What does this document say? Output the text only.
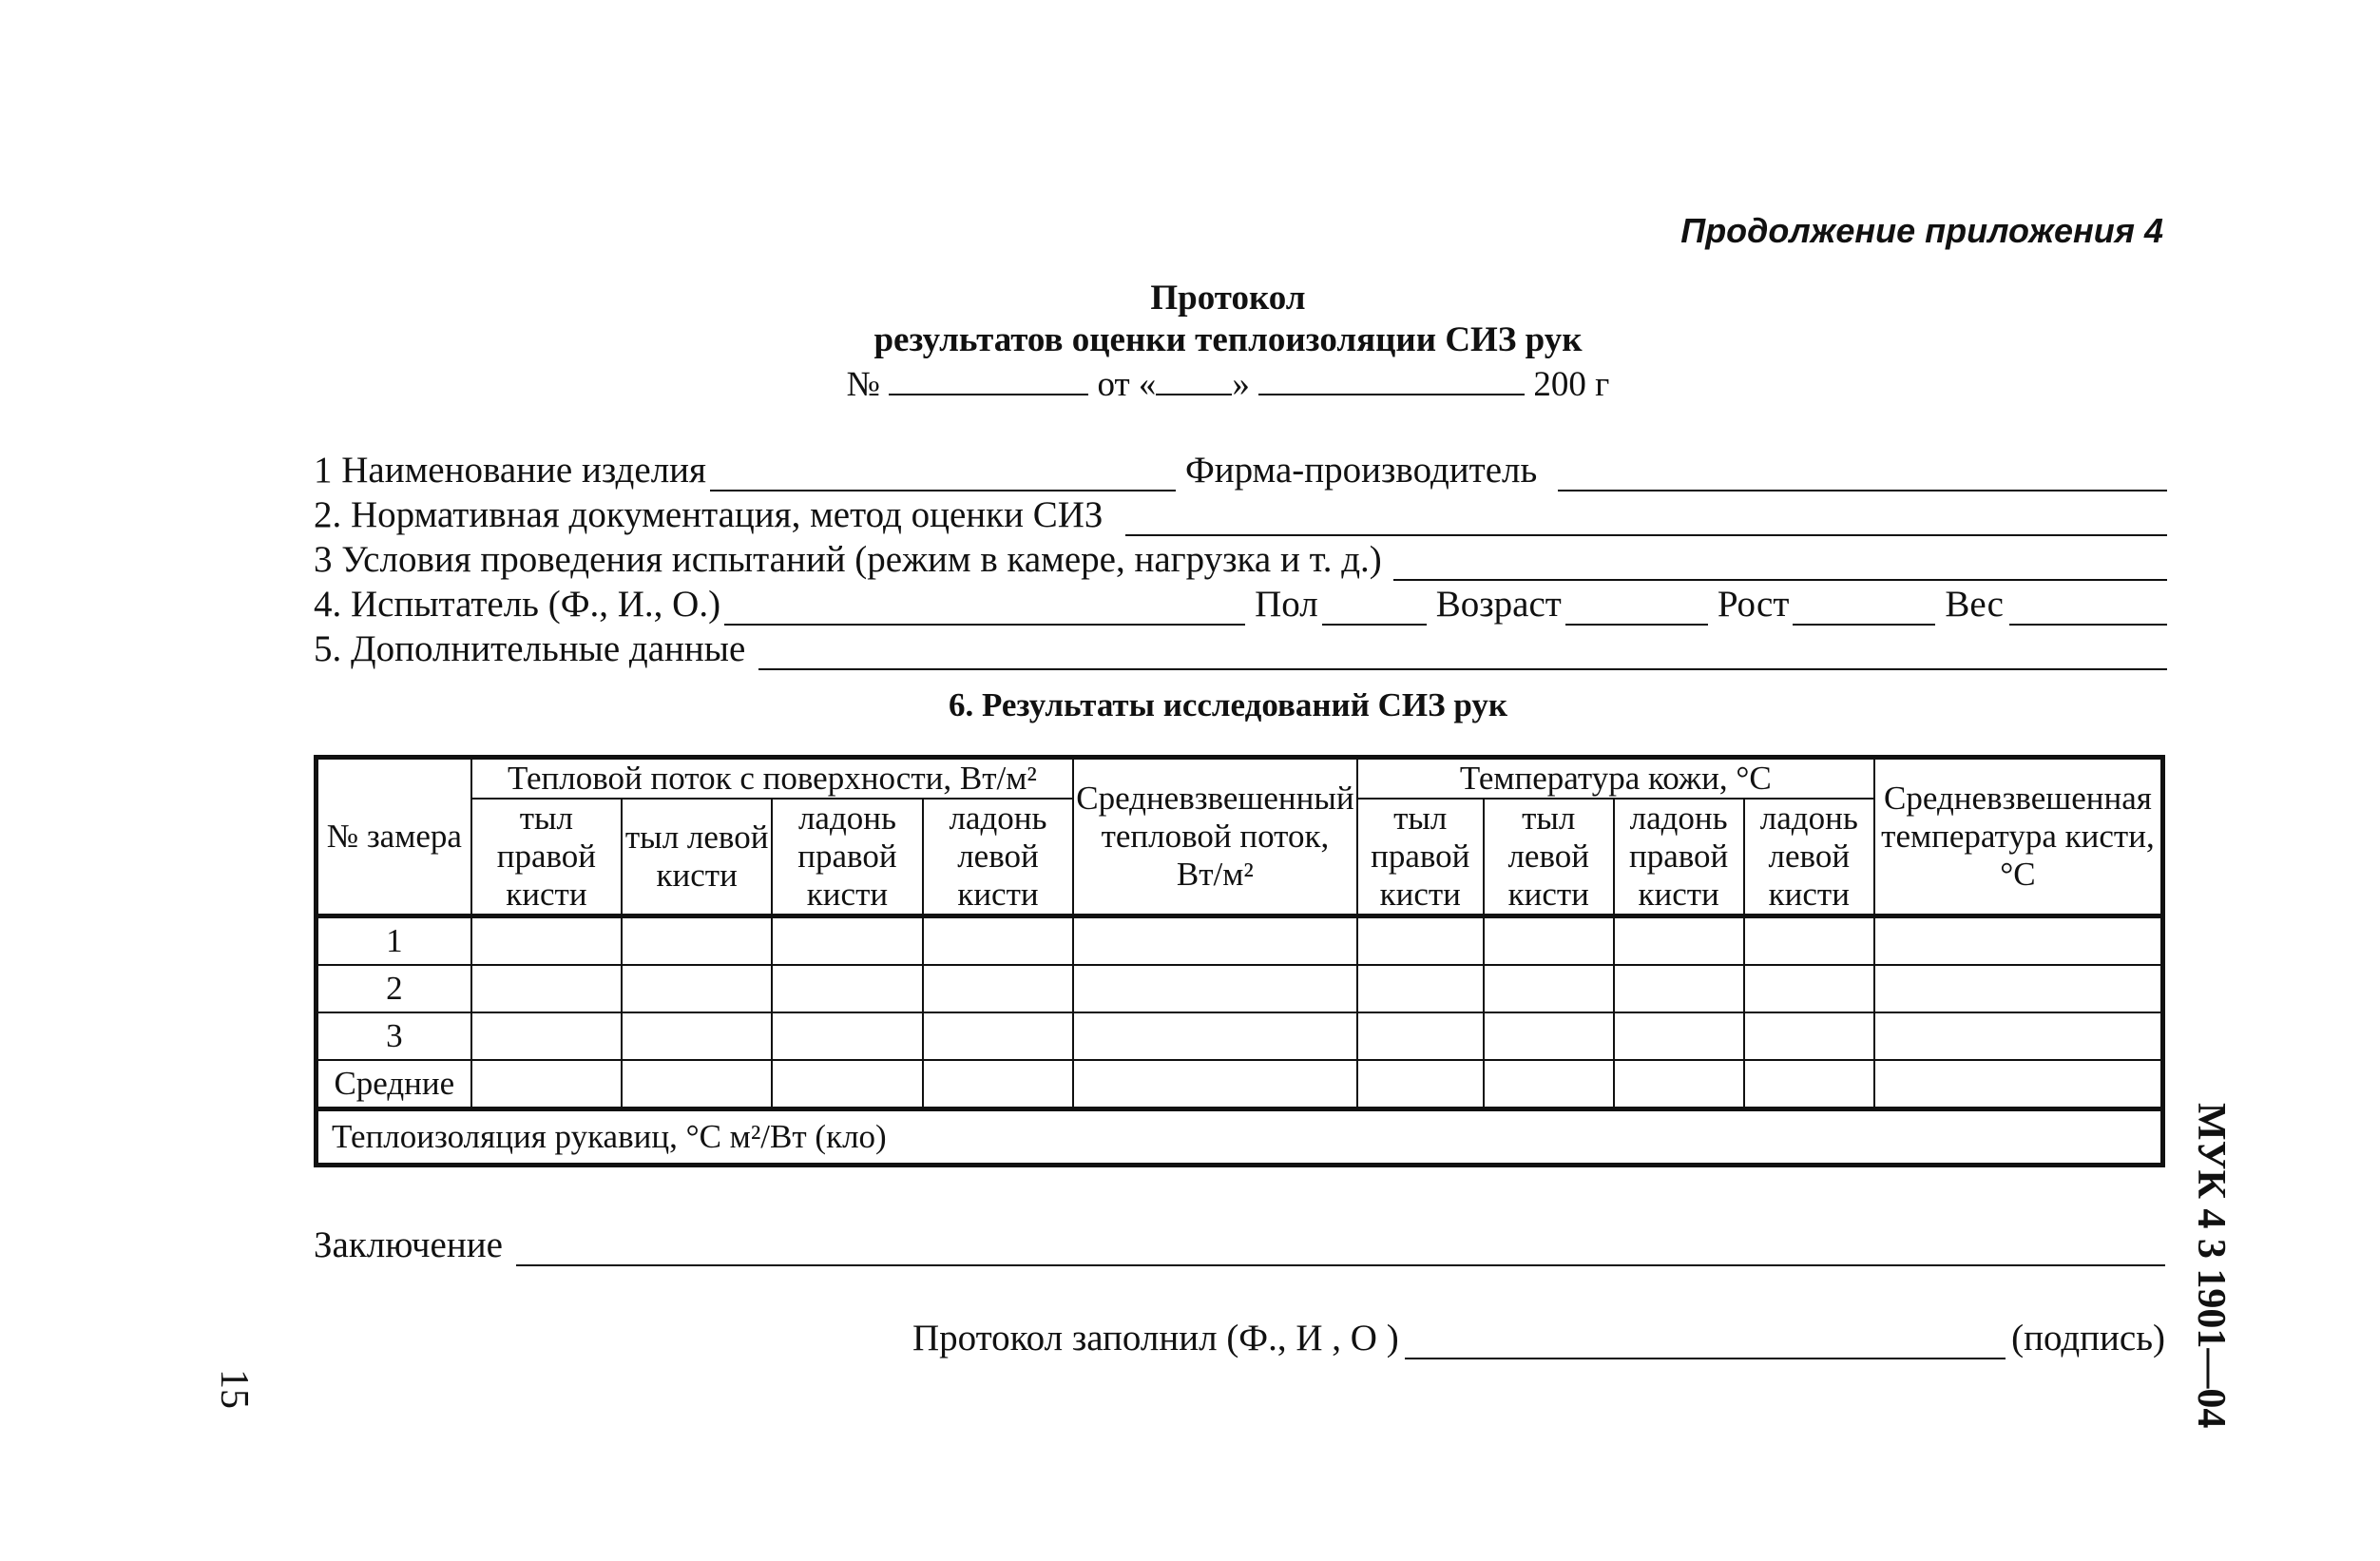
Продолжение приложения 4
Протокол
результатов оценки теплоизоляции СИЗ рук
№	от « »	200 г
1 Наименование изделия	Фирма-производитель
2. Нормативная документация, метод оценки СИЗ
3 Условия проведения испытаний (режим в камере, нагрузка и т. д.)
4. Испытатель (Ф., И., О.)	Пол	Возраст	Рост	Вес
5. Дополнительные данные
6. Результаты исследований СИЗ рук
№ замера	Тепловой поток с поверхности, Вт/м²				Средневзвешенный тепловой поток, Вт/м²	Температура кожи, °С				Средневзвешенная температура кисти,°С
	тыл правой кисти	тыл левой кисти	ладонь правой кисти	ладонь левой кисти		тыл правой кисти	тыл левой кисти	ладонь правой кисти	ладонь левой кисти	
1										
2										
3										
Средние										
Теплоизоляция рукавиц, °С м²/Вт (кло)										
Заключение
Протокол заполнил (Ф., И , О )	(подпись) МУК 4 3 1901—04
15
